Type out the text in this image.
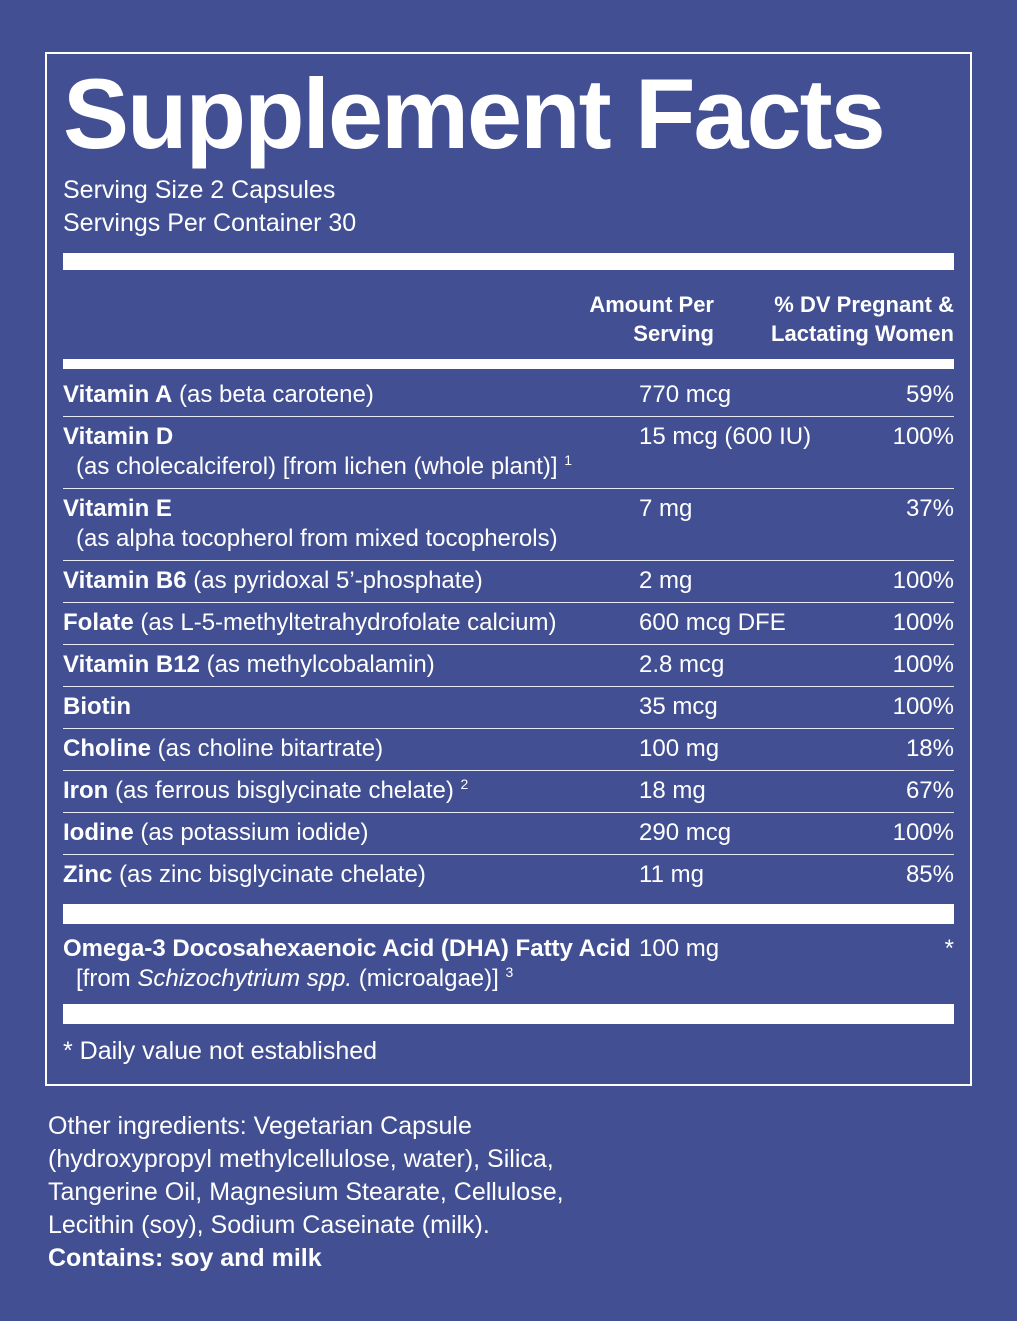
Supplement Facts
Serving Size 2 Capsules
Servings Per Container 30
Amount Per Serving
% DV Pregnant & Lactating Women
Vitamin A (as beta carotene)	770 mcg	59%
Vitamin D	15 mcg (600 IU)	100%
(as cholecalciferol) [from lichen (whole plant)] $^1$
Vitamin E	7 mg	37%
(as alpha tocopherol from mixed tocopherols)
Vitamin B6 (as pyridoxal 5’-phosphate)	2 mg	100%
Folate (as L-5-methyltetrahydrofolate calcium)	600 mcg DFE	100%
Vitamin B12 (as methylcobalamin)	2.8 mcg	100%
Biotin	35 mcg	100%
Choline (as choline bitartrate)	100 mg	18%
Iron (as ferrous bisglycinate chelate) $^2$	18 mg	67%
Iodine (as potassium iodide)	290 mcg	100%
Zinc (as zinc bisglycinate chelate)	11 mg	85%
Omega-3 Docosahexaenoic Acid (DHA) Fatty Acid 100 mg	*
[from Schizochytrium spp. (microalgae)] $^3$
* Daily value not established
Other ingredients: Vegetarian Capsule
(hydroxypropyl methylcellulose, water), Silica,
Tangerine Oil, Magnesium Stearate, Cellulose,
Lecithin (soy), Sodium Caseinate (milk).
Contains: soy and milk
